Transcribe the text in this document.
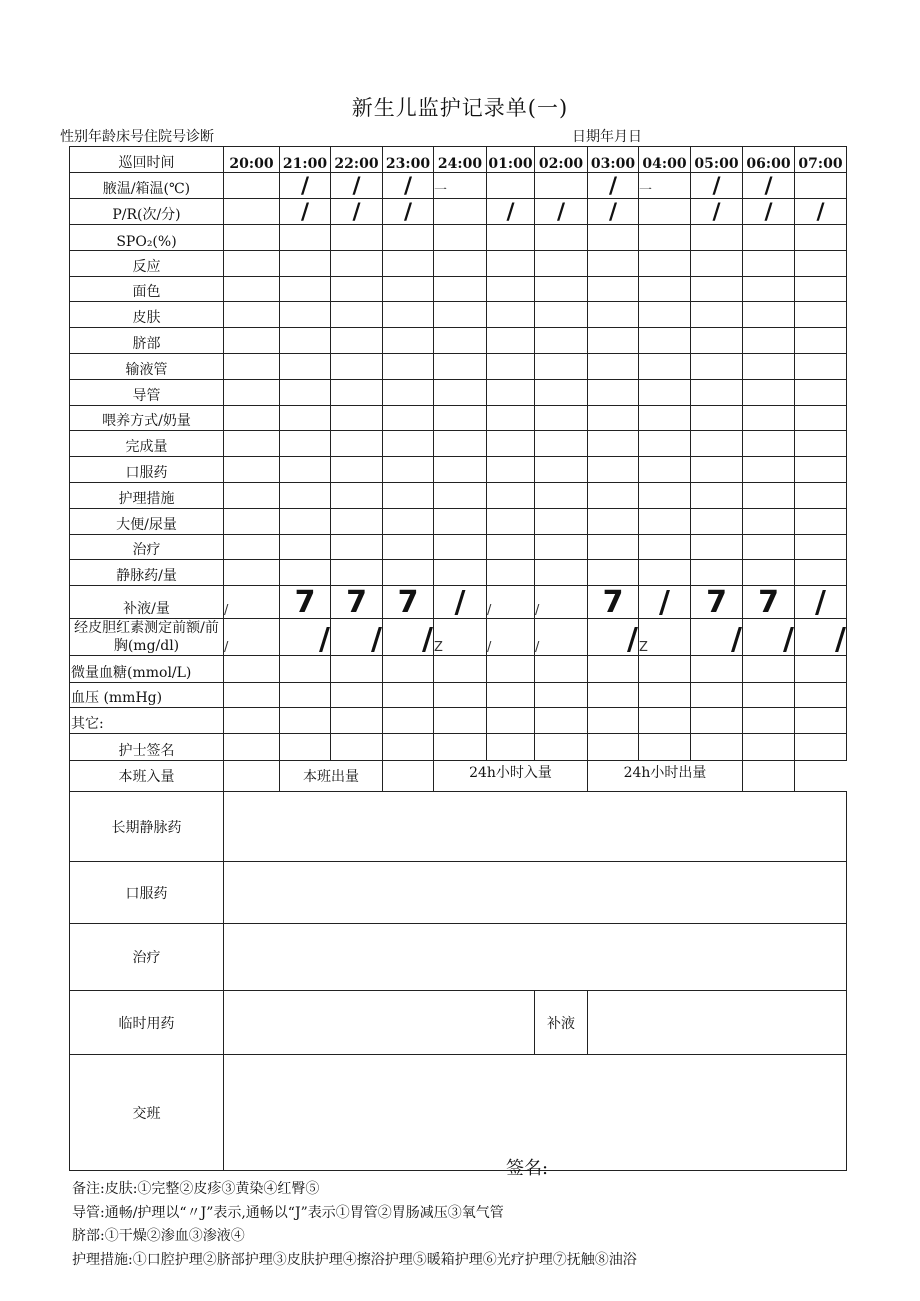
新生儿监护记录单(一)
性别年龄床号住院号诊断	日期年月日
巡回时间	20:00	21:00	22:00	23:00	24:00	01:00	02:00	03:00	04:00	05:00	06:00	07:00
腋温/箱温(℃)		/	/	/	一			/	一	/	/	
P/R(次/分)		/	/	/		/	/	/		/	/	/
SPO₂(%)												
反应												
面色												
皮肤												
脐部												
输液管												
导管												
喂养方式/奶量												
完成量												
口服药												
护理措施												
大便/尿量												
治疗												
静脉药/量												
补液/量	/	7	7	7	/	/	/	7	/	7	7	/
经皮胆红素测定前额/前胸(mg/dl)	/	/	/	/	Z	/	/	/	Z	/	/	/
微量血糖(mmol/L)												
血压 (mmHg)												
其它:												
护士签名												
本班入量		本班出量			24h小时入量			24h小时出量				
长期静脉药												
口服药												
治疗												
临时用药							补液					
交班												
签名:
备注:皮肤:①完整②皮疹③黄染④红臀⑤
导管:通畅/护理以“〃J”表示,通畅以“J”表示①胃管②胃肠减压③氧气管
脐部:①干燥②渗血③渗液④
护理措施:①口腔护理②脐部护理③皮肤护理④擦浴护理⑤暖箱护理⑥光疗护理⑦抚触⑧油浴
